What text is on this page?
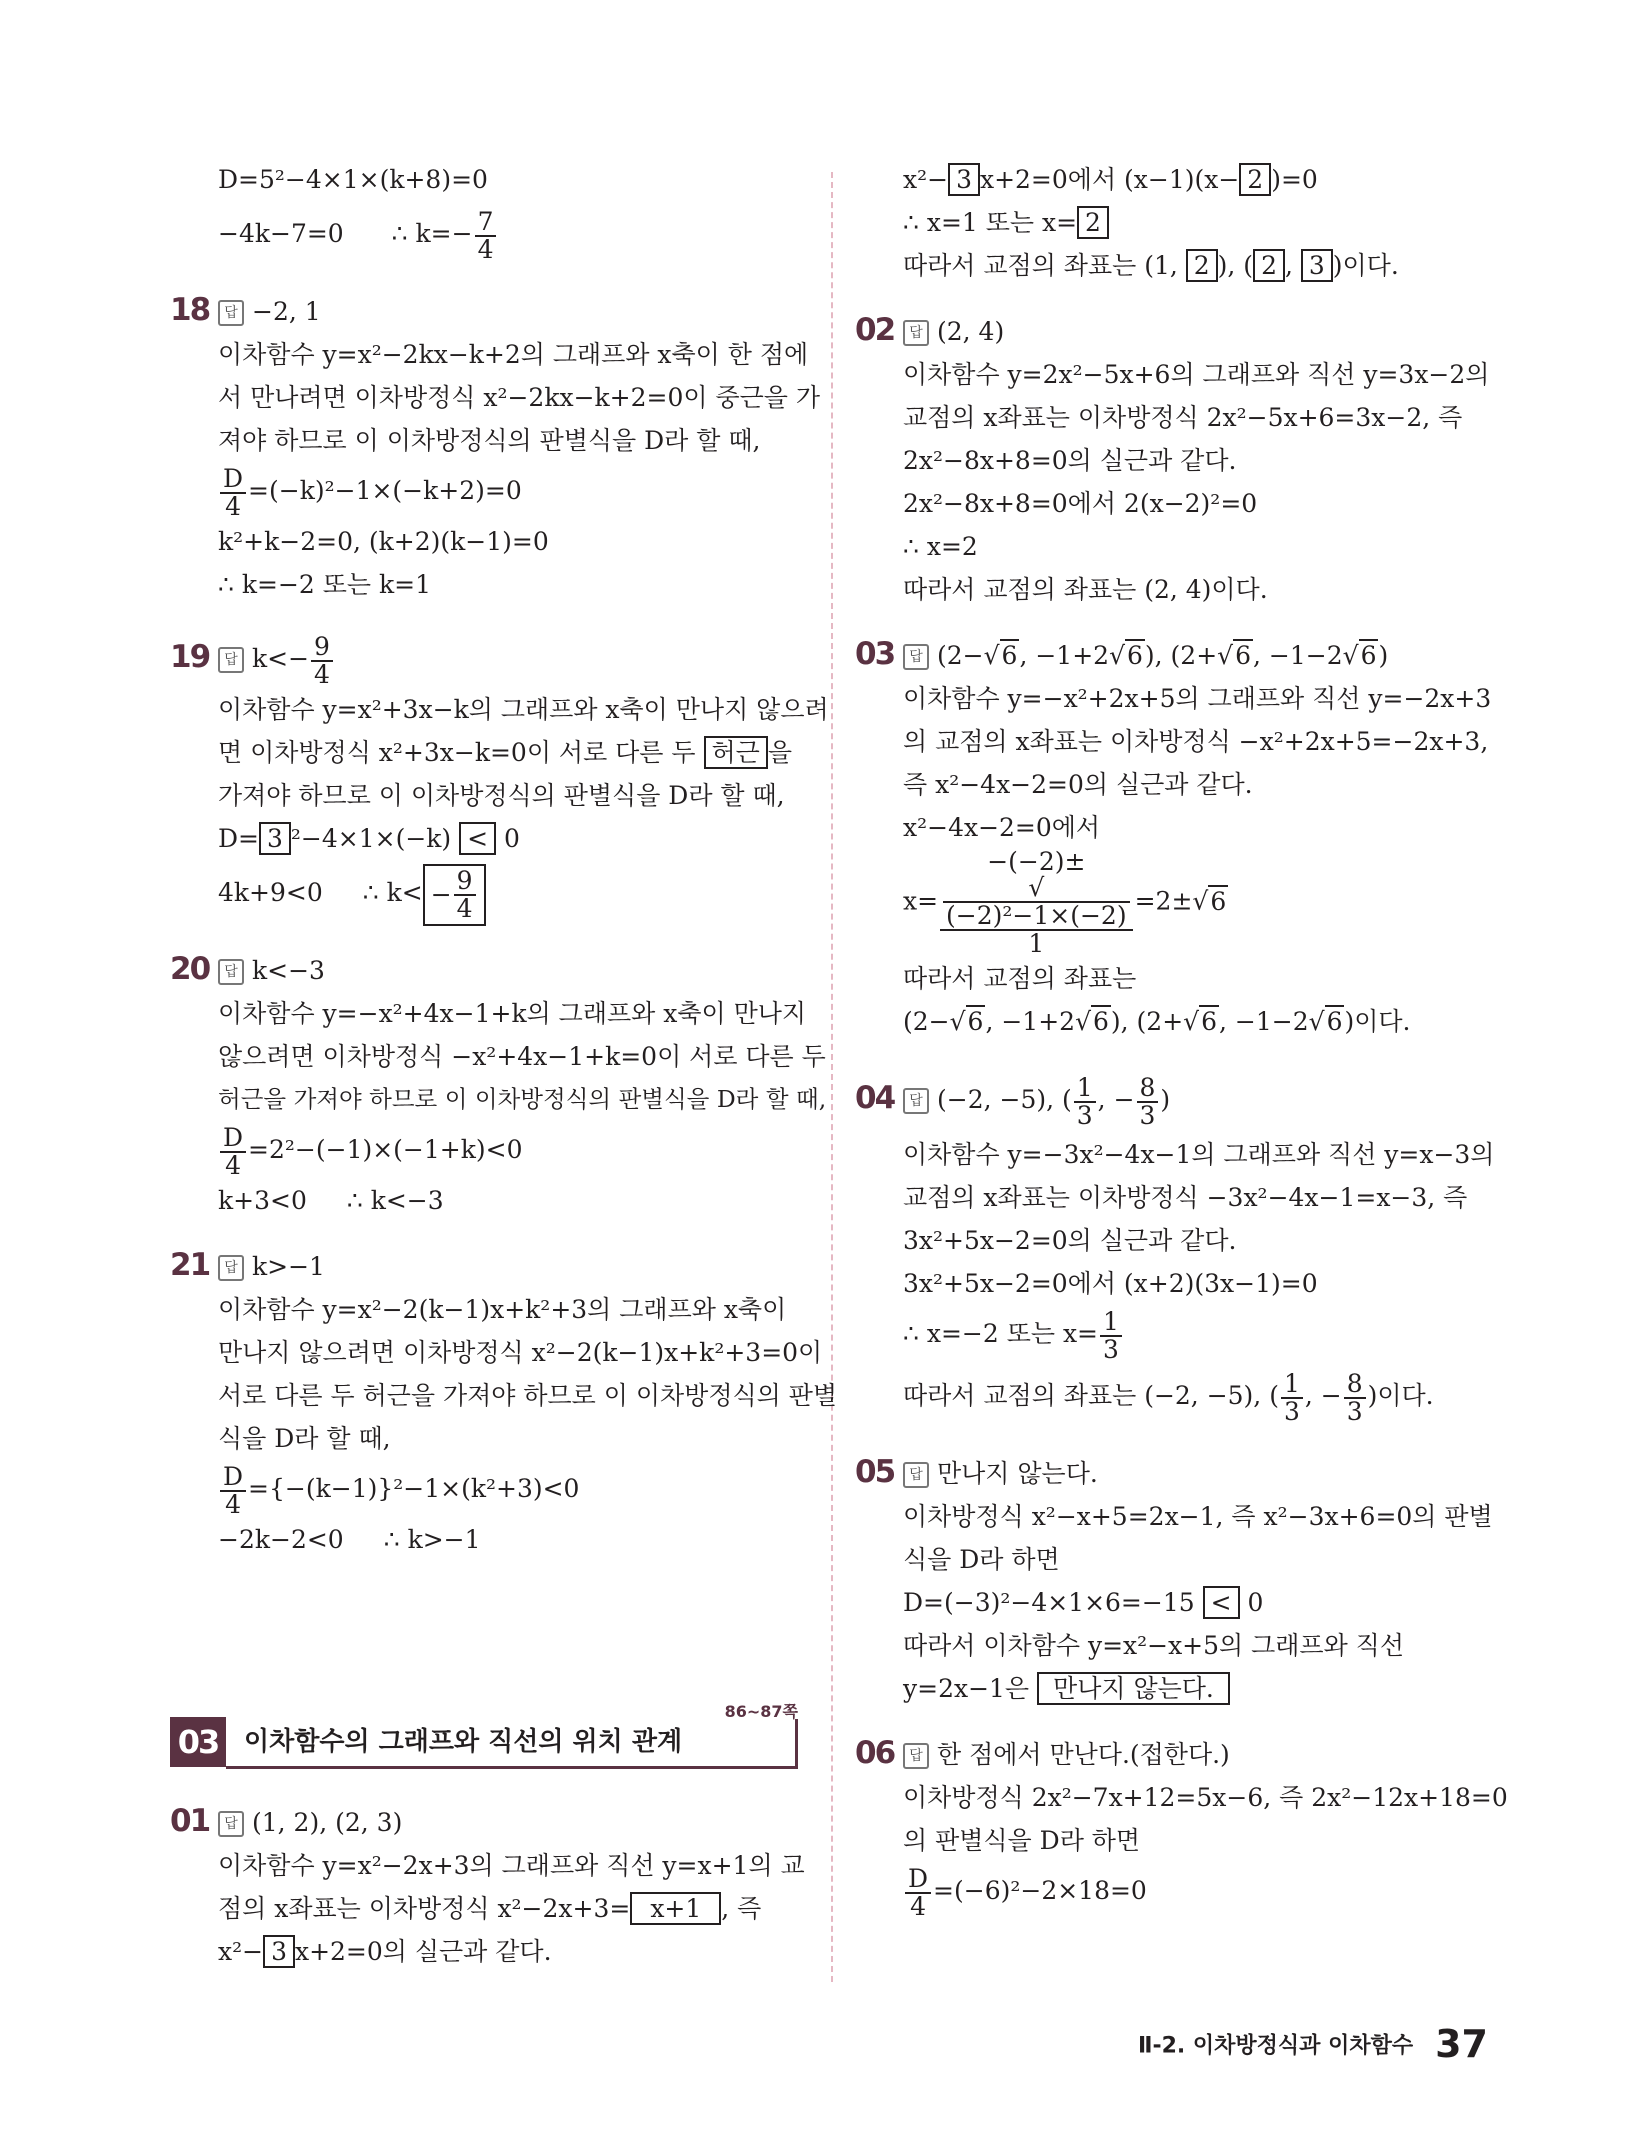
D=5²−4×1×(k+8)=0
−4k−7=0 ∴ $k=- \frac{7}{4}$
18 답 −2, 1
이차함수 y=x²−2kx−k+2의 그래프와 x축이 한 점에
서 만나려면 이차방정식 x²−2kx−k+2=0이 중근을 가
져야 하므로 이 이차방정식의 판별식을 D라 할 때,
$\frac{D}{4} =(-k)^2-1\times(-k+2)=0$
k²+k−2=0, (k+2)(k−1)=0
∴ k=−2 또는 k=1
19 답 $k<- \frac{9}{4}$
이차함수 y=x²+3x−k의 그래프와 x축이 만나지 않으려
면 이차방정식 x²+3x−k=0이 서로 다른 두 허근 을
가져야 하므로 이 이차방정식의 판별식을 D라 할 때,
D= 3 ²−4×1×(−k) < 0
4k+9<0 ∴ $k< - \frac{9}{4}$
20 답 k<−3
이차함수 y=−x²+4x−1+k의 그래프와 x축이 만나지
않으려면 이차방정식 −x²+4x−1+k=0이 서로 다른 두
허근을 가져야 하므로 이 이차방정식의 판별식을 D라 할 때,
$\frac{D}{4} =2^2-(-1)\times(-1+k)<0$
k+3<0 ∴ k<−3
21 답 k>−1
이차함수 y=x²−2(k−1)x+k²+3의 그래프와 x축이
만나지 않으려면 이차방정식 x²−2(k−1)x+k²+3=0이
서로 다른 두 허근을 가져야 하므로 이 이차방정식의 판별
식을 D라 할 때,
$\frac{D}{4} =\{-(k-1)\}^2-1\times(k^2+3)<0$
−2k−2<0 ∴ k>−1
86~87쪽
03 이차함수의 그래프와 직선의 위치 관계
01 답 (1, 2), (2, 3)
이차함수 y=x²−2x+3의 그래프와 직선 y=x+1의 교
점의 x좌표는 이차방정식 x²−2x+3= x+1 , 즉
x²− 3 x+2=0의 실근과 같다.
x²− 3 x+2=0에서 (x−1)(x− 2 )=0
∴ x=1 또는 x= 2
따라서 교점의 좌표는 (1, 2 ), ( 2 , 3 )이다.
02 답 (2, 4)
이차함수 y=2x²−5x+6의 그래프와 직선 y=3x−2의
교점의 x좌표는 이차방정식 2x²−5x+6=3x−2, 즉
2x²−8x+8=0의 실근과 같다.
2x²−8x+8=0에서 2(x−2)²=0
∴ x=2
따라서 교점의 좌표는 (2, 4)이다.
03 답 (2−√6, −1+2√6), (2+√6, −1−2√6)
이차함수 y=−x²+2x+5의 그래프와 직선 y=−2x+3
의 교점의 x좌표는 이차방정식 −x²+2x+5=−2x+3,
즉 x²−4x−2=0의 실근과 같다.
x²−4x−2=0에서
x= −(−2)±
√
(−2)²−1×(−2)
1 =2±√6
따라서 교점의 좌표는
(2−√6, −1+2√6), (2+√6, −1−2√6)이다.
04 답 (−2, −5), ( $\frac{1}{3}$ , − $\frac{8}{3}$ )
이차함수 y=−3x²−4x−1의 그래프와 직선 y=x−3의
교점의 x좌표는 이차방정식 −3x²−4x−1=x−3, 즉
3x²+5x−2=0의 실근과 같다.
3x²+5x−2=0에서 (x+2)(3x−1)=0
∴ x=−2 또는 $x= \frac{1}{3}$
따라서 교점의 좌표는 (−2, −5), ( $\frac{1}{3}$ , − $\frac{8}{3}$ )이다.
05 답 만나지 않는다.
이차방정식 x²−x+5=2x−1, 즉 x²−3x+6=0의 판별
식을 D라 하면
D=(−3)²−4×1×6=−15 < 0
따라서 이차함수 y=x²−x+5의 그래프와 직선
y=2x−1은 만나지 않는다.
06 답 한 점에서 만난다.(접한다.)
이차방정식 2x²−7x+12=5x−6, 즉 2x²−12x+18=0
의 판별식을 D라 하면
$\frac{D}{4} =(-6)^2-2\times 18=0$
Ⅱ-2. 이차방정식과 이차함수 37
